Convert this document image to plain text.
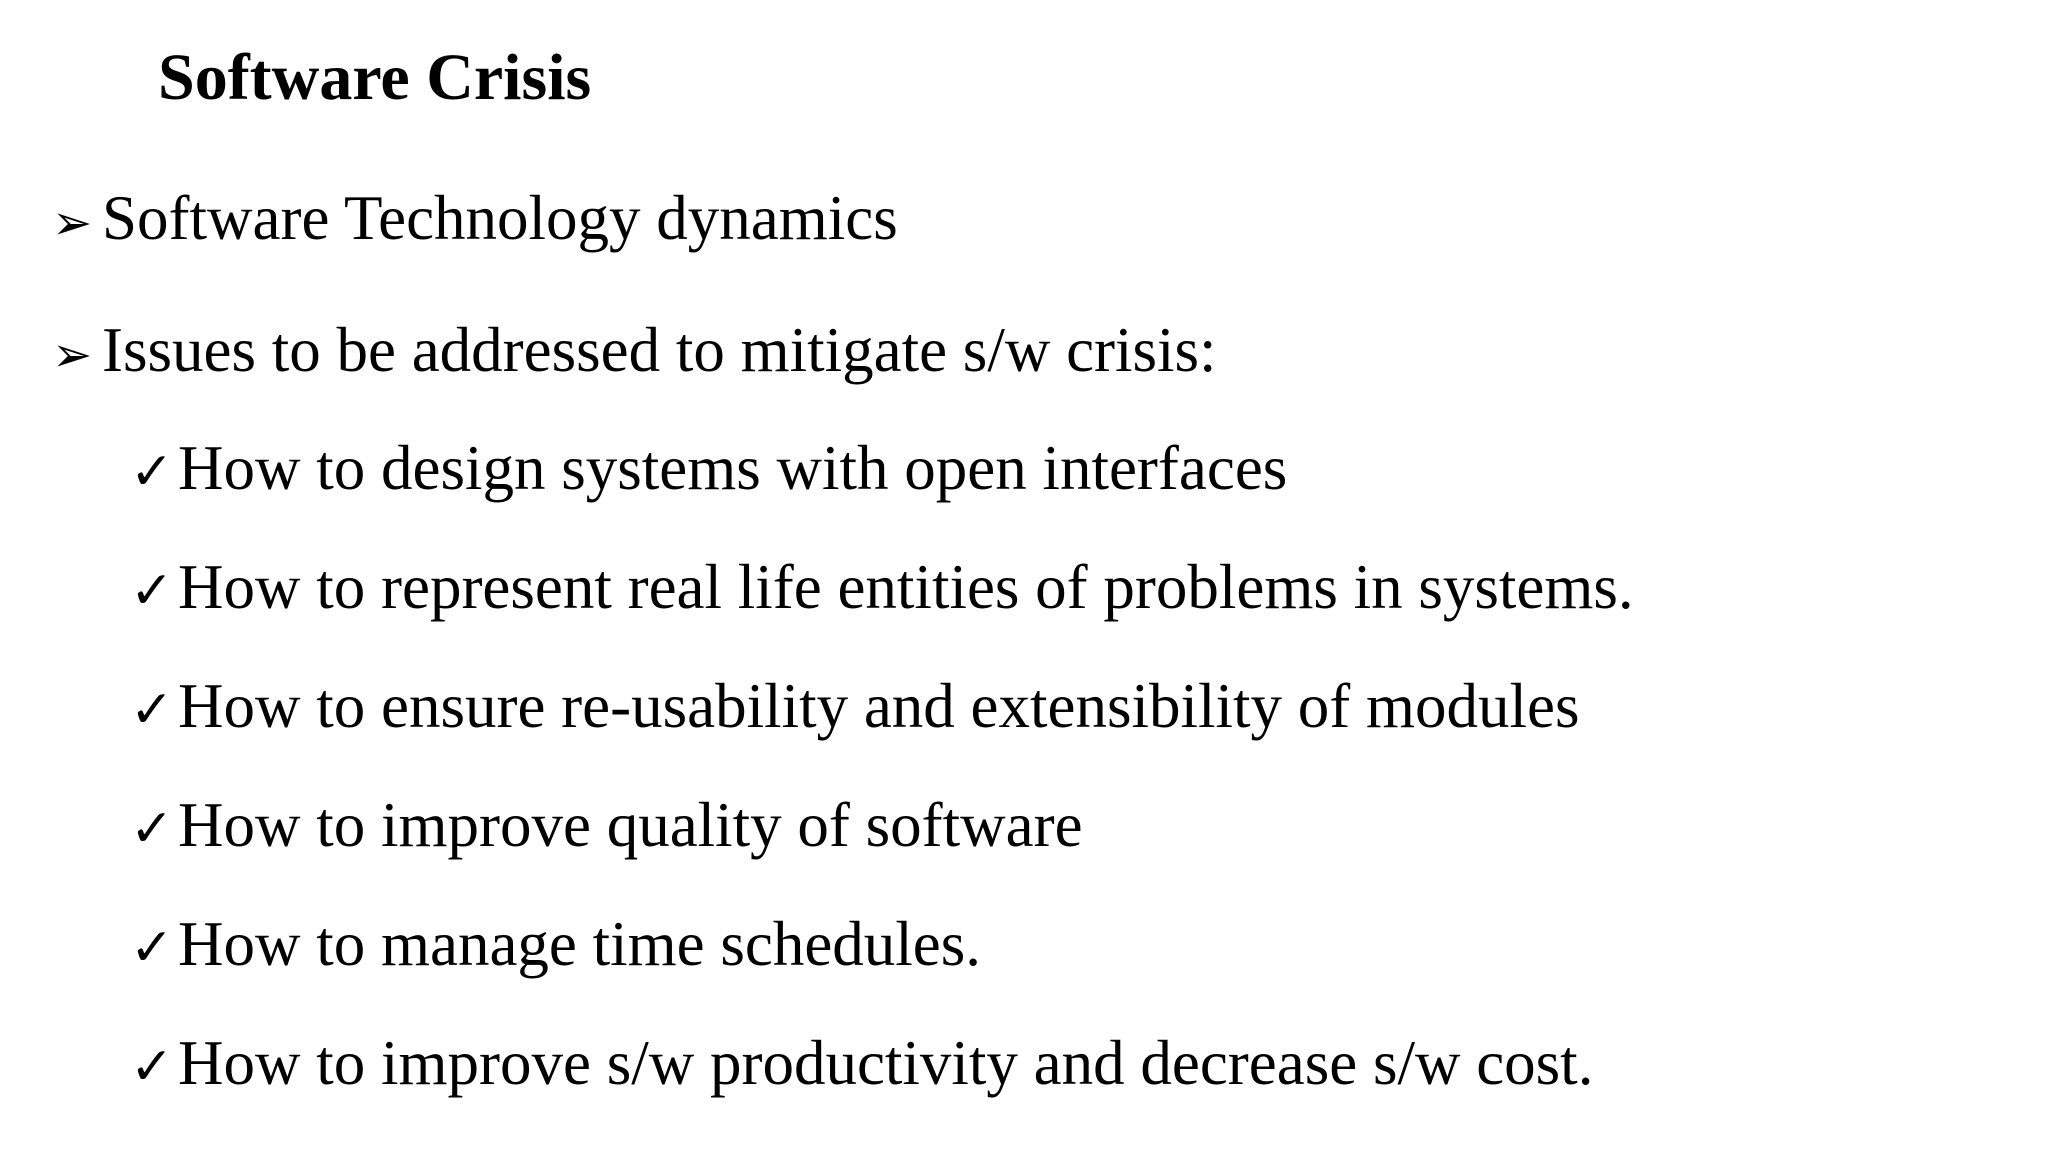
Software Crisis
➢ Software Technology dynamics
➢ Issues to be addressed to mitigate s/w crisis:
✓ How to design systems with open interfaces
✓ How to represent real life entities of problems in systems.
✓ How to ensure re-usability and extensibility of modules
✓ How to improve quality of software
✓ How to manage time schedules.
✓ How to improve s/w productivity and decrease s/w cost.
